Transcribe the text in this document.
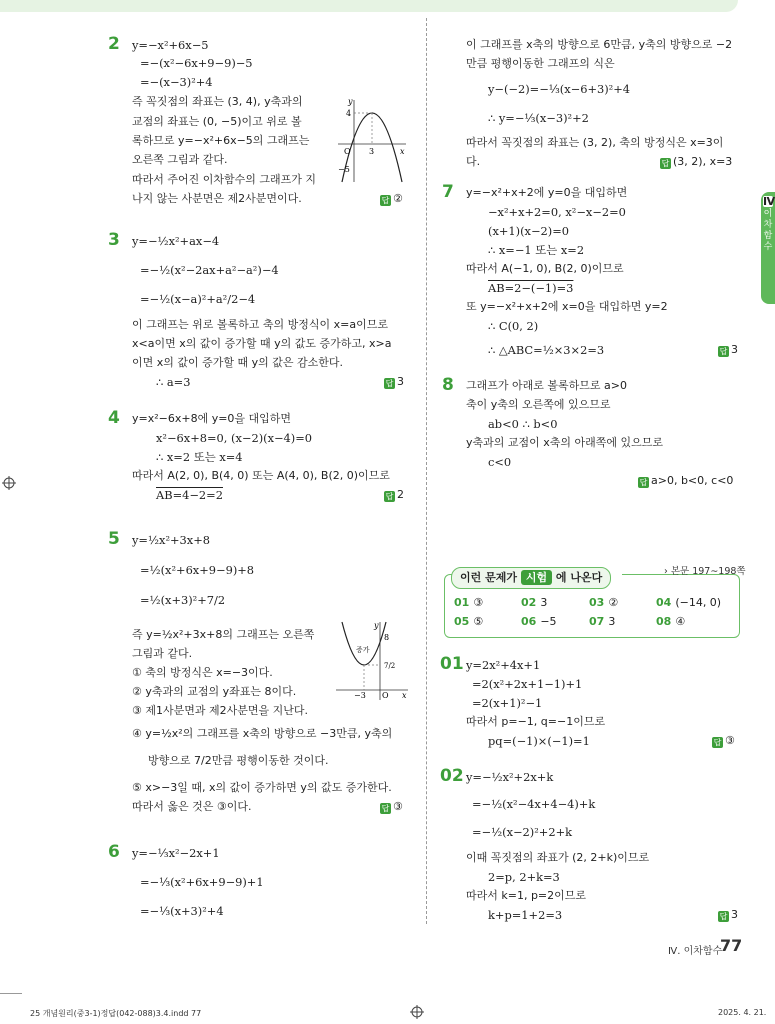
Ⅳ
이
차
함
수
2 y=−x²+6x−5
=−(x²−6x+9−9)−5
=−(x−3)²+4
즉 꼭짓점의 좌표는 (3, 4), y축과의
교점의 좌표는 (0, −5)이고 위로 볼
록하므로 y=−x²+6x−5의 그래프는
오른쪽 그림과 같다.
따라서 주어진 이차함수의 그래프가 지
나지 않는 사분면은 제2사분면이다.	답 ②
y
x
O
4
3
−5
3 y=−½x²+ax−4
=−½(x²−2ax+a²−a²)−4
=−½(x−a)²+a²/2−4
이 그래프는 위로 볼록하고 축의 방정식이 x=a이므로
x<a이면 x의 값이 증가할 때 y의 값도 증가하고, x>a
이면 x의 값이 증가할 때 y의 값은 감소한다.
∴ a=3	답 3
4 y=x²−6x+8에 y=0을 대입하면
x²−6x+8=0, (x−2)(x−4)=0
∴ x=2 또는 x=4
따라서 A(2, 0), B(4, 0) 또는 A(4, 0), B(2, 0)이므로
AB=4−2=2	답 2
5 y=½x²+3x+8
=½(x²+6x+9−9)+8
=½(x+3)²+7/2
즉 y=½x²+3x+8의 그래프는 오른쪽
그림과 같다.
① 축의 방정식은 x=−3이다.
② y축과의 교점의 y좌표는 8이다.
③ 제1사분면과 제2사분면을 지난다.
④ y=½x²의 그래프를 x축의 방향으로 −3만큼, y축의
방향으로 7/2만큼 평행이동한 것이다.
⑤ x>−3일 때, x의 값이 증가하면 y의 값도 증가한다.
따라서 옳은 것은 ③이다.	답 ③
y
x
O
8
7/2
−3
증가
6 y=−⅓x²−2x+1
=−⅓(x²+6x+9−9)+1
=−⅓(x+3)²+4
이 그래프를 x축의 방향으로 6만큼, y축의 방향으로 −2
만큼 평행이동한 그래프의 식은
y−(−2)=−⅓(x−6+3)²+4
∴ y=−⅓(x−3)²+2
따라서 꼭짓점의 좌표는 (3, 2), 축의 방정식은 x=3이
다.	답 (3, 2), x=3
7 y=−x²+x+2에 y=0을 대입하면
−x²+x+2=0, x²−x−2=0
(x+1)(x−2)=0
∴ x=−1 또는 x=2
따라서 A(−1, 0), B(2, 0)이므로
AB=2−(−1)=3
또 y=−x²+x+2에 x=0을 대입하면 y=2
∴ C(0, 2)
∴ △ABC=½×3×2=3	답 3
8 그래프가 아래로 볼록하므로 a>0
축이 y축의 오른쪽에 있으므로
ab<0 ∴ b<0
y축과의 교점이 x축의 아래쪽에 있으므로
c<0
답 a>0, b<0, c<0
이런 문제가 시험 에 나온다	› 본문 197∼198쪽
01 ③	02 3	03 ②	04 (−14, 0)
05 ⑤	06 −5	07 3	08 ④
01 y=2x²+4x+1
=2(x²+2x+1−1)+1
=2(x+1)²−1
따라서 p=−1, q=−1이므로
pq=(−1)×(−1)=1	답 ③
02 y=−½x²+2x+k
=−½(x²−4x+4−4)+k
=−½(x−2)²+2+k
이때 꼭짓점의 좌표가 (2, 2+k)이므로
2=p, 2+k=3
따라서 k=1, p=2이므로
k+p=1+2=3	답 3
Ⅳ. 이차함수
77
25 개념원리(중3-1)정답(042-088)3.4.indd 77	2025. 4. 21.
